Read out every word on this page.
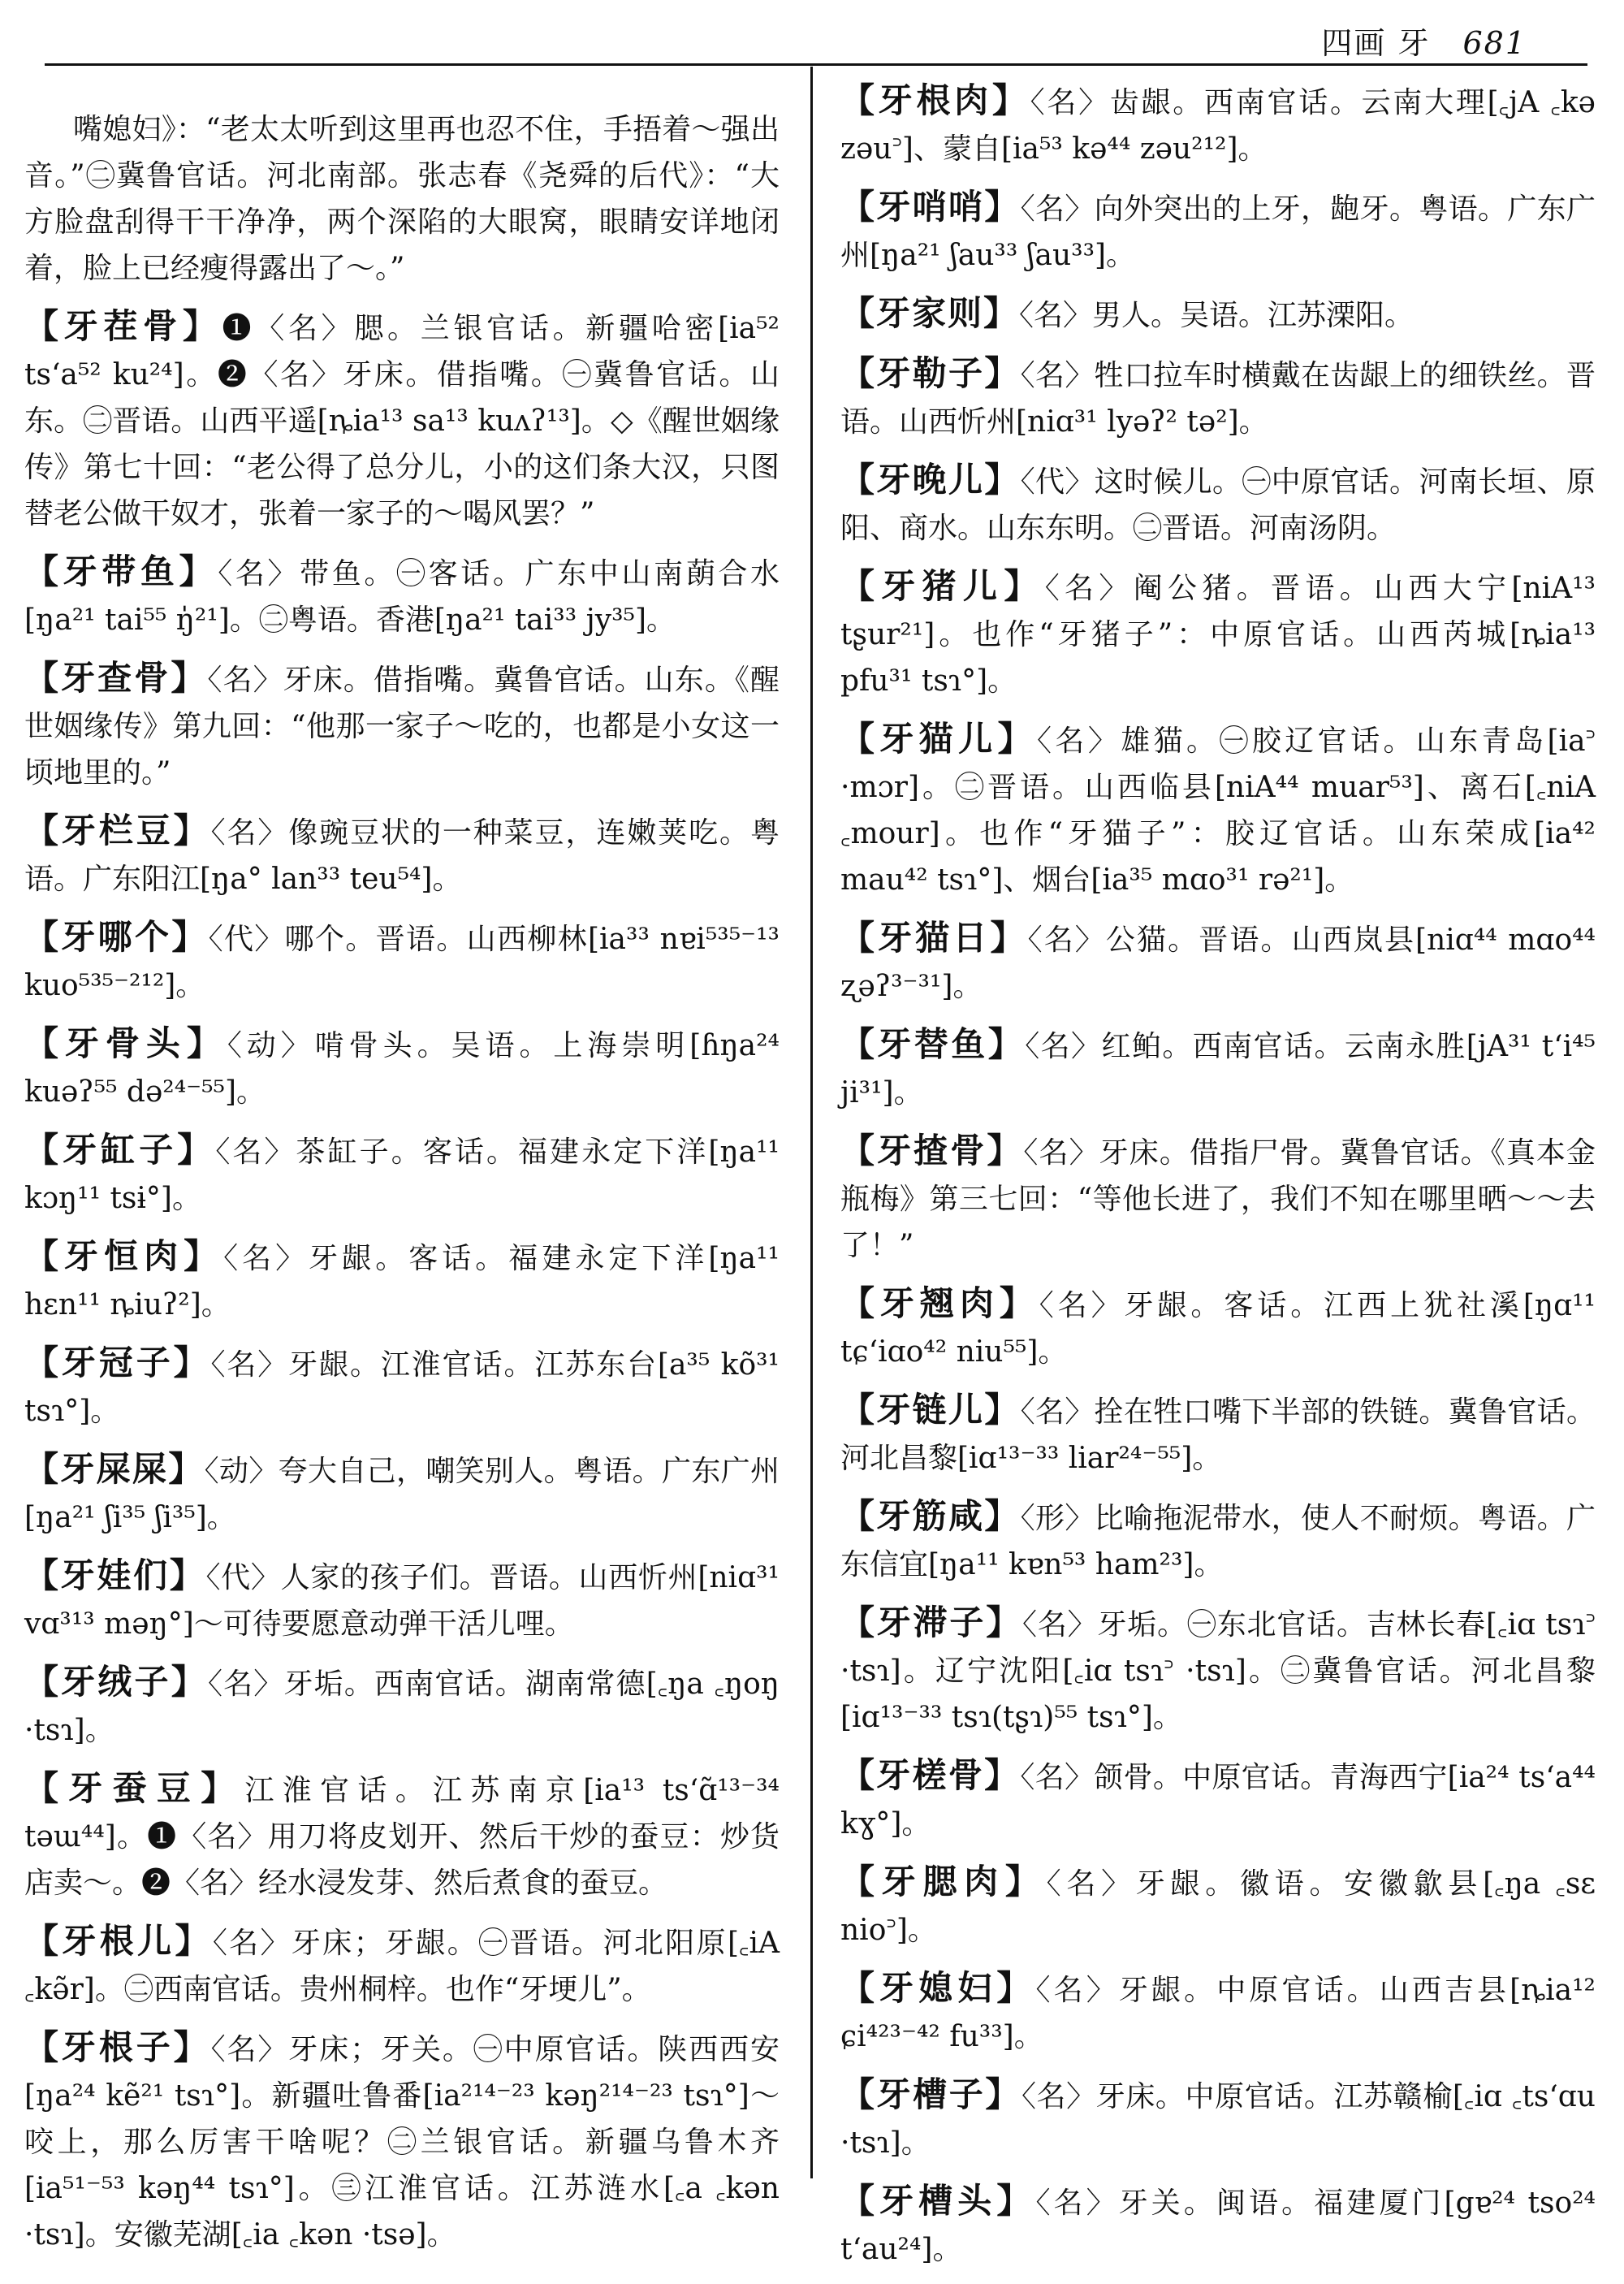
四画 牙 681

嘴媳妇》：“老太太听到这里再也忍不住，手捂着～强出音。”㊁冀鲁官话。河北南部。张志春《尧舜的后代》：“大方脸盘刮得干干净净，两个深陷的大眼窝，眼睛安详地闭着，脸上已经瘦得露出了～。”

【牙茬骨】❶〈名〉腮。兰银官话。新疆哈密[ia⁵² tsʻa⁵² ku²⁴]。❷〈名〉牙床。借指嘴。㊀冀鲁官话。山东。㊁晋语。山西平遥[ȵia¹³ sa¹³ kuʌʔ¹³]。◇《醒世姻缘传》第七十回：“老公得了总分儿，小的这们条大汉，只图替老公做干奴才，张着一家子的～喝风罢？”

【牙带鱼】〈名〉带鱼。㊀客话。广东中山南蓢合水[ŋa²¹ tai⁵⁵ ŋ̍²¹]。㊁粤语。香港[ŋa²¹ tai³³ jy³⁵]。

【牙查骨】〈名〉牙床。借指嘴。冀鲁官话。山东。《醒世姻缘传》第九回：“他那一家子～吃的，也都是小女这一顷地里的。”

【牙栏豆】〈名〉像豌豆状的一种菜豆，连嫩荚吃。粤语。广东阳江[ŋa° lan³³ teu⁵⁴]。

【牙哪个】〈代〉哪个。晋语。山西柳林[ia³³ nɐi⁵³⁵⁻¹³ kuo⁵³⁵⁻²¹²]。

【牙骨头】〈动〉啃骨头。吴语。上海崇明[ɦŋa²⁴ kuəʔ⁵⁵ də²⁴⁻⁵⁵]。

【牙缸子】〈名〉茶缸子。客话。福建永定下洋[ŋa¹¹ kɔŋ¹¹ tsɨ°]。

【牙恒肉】〈名〉牙龈。客话。福建永定下洋[ŋa¹¹ hɛn¹¹ ȵiuʔ²]。

【牙冠子】〈名〉牙龈。江淮官话。江苏东台[a³⁵ kõ³¹ tsɿ°]。

【牙屎屎】〈动〉夸大自己，嘲笑别人。粤语。广东广州[ŋa²¹ ʃi³⁵ ʃi³⁵]。

【牙娃们】〈代〉人家的孩子们。晋语。山西忻州[niɑ³¹ vɑ³¹³ məŋ°]～可待要愿意动弹干活儿哩。

【牙绒子】〈名〉牙垢。西南官话。湖南常德[꜀ŋa ꜀ŋoŋ ·tsɿ]。

【牙蚕豆】江淮官话。江苏南京[ia¹³ tsʻɑ̃¹³⁻³⁴ təɯ⁴⁴]。❶〈名〉用刀将皮划开、然后干炒的蚕豆：炒货店卖～。❷〈名〉经水浸发芽、然后煮食的蚕豆。

【牙根儿】〈名〉牙床；牙龈。㊀晋语。河北阳原[꜀iA ꜀kə̃r]。㊁西南官话。贵州桐梓。也作“牙埂儿”。

【牙根子】〈名〉牙床；牙关。㊀中原官话。陕西西安[ŋa²⁴ kẽ²¹ tsɿ°]。新疆吐鲁番[ia²¹⁴⁻²³ kəŋ²¹⁴⁻²³ tsɿ°]～咬上，那么厉害干啥呢？㊁兰银官话。新疆乌鲁木齐[ia⁵¹⁻⁵³ kəŋ⁴⁴ tsɿ°]。㊂江淮官话。江苏涟水[꜀a ꜀kən ·tsɿ]。安徽芜湖[꜀ia ꜀kən ·tsə]。

【牙根肉】〈名〉齿龈。西南官话。云南大理[꜀jA ꜀kə zəu꜄]、蒙自[ia⁵³ kə⁴⁴ zəu²¹²]。

【牙哨哨】〈名〉向外突出的上牙，龅牙。粤语。广东广州[ŋa²¹ ʃau³³ ʃau³³]。

【牙家则】〈名〉男人。吴语。江苏溧阳。

【牙勒子】〈名〉牲口拉车时横戴在齿龈上的细铁丝。晋语。山西忻州[niɑ³¹ lyəʔ² tə²]。

【牙晚儿】〈代〉这时候儿。㊀中原官话。河南长垣、原阳、商水。山东东明。㊁晋语。河南汤阴。

【牙猪儿】〈名〉阉公猪。晋语。山西大宁[niA¹³ tʂur²¹]。也作“牙猪子”：中原官话。山西芮城[ȵia¹³ pfu³¹ tsɿ°]。

【牙猫儿】〈名〉雄猫。㊀胶辽官话。山东青岛[ia꜄ ·mɔr]。㊁晋语。山西临县[niA⁴⁴ muar⁵³]、离石[꜀niA ꜀mour]。也作“牙猫子”：胶辽官话。山东荣成[ia⁴² mau⁴² tsɿ°]、烟台[ia³⁵ mɑo³¹ rə²¹]。

【牙猫日】〈名〉公猫。晋语。山西岚县[niɑ⁴⁴ mɑo⁴⁴ ʐəʔ³⁻³¹]。

【牙替鱼】〈名〉红鲌。西南官话。云南永胜[jA³¹ tʻi⁴⁵ ji³¹]。

【牙揸骨】〈名〉牙床。借指尸骨。冀鲁官话。《真本金瓶梅》第三七回：“等他长进了，我们不知在哪里晒～～去了！”

【牙翘肉】〈名〉牙龈。客话。江西上犹社溪[ŋɑ¹¹ tɕʻiɑo⁴² niu⁵⁵]。

【牙链儿】〈名〉拴在牲口嘴下半部的铁链。冀鲁官话。河北昌黎[iɑ¹³⁻³³ liar²⁴⁻⁵⁵]。

【牙筋咸】〈形〉比喻拖泥带水，使人不耐烦。粤语。广东信宜[ŋa¹¹ kɐn⁵³ ham²³]。

【牙滞子】〈名〉牙垢。㊀东北官话。吉林长春[꜀iɑ tsɿ꜄ ·tsɿ]。辽宁沈阳[꜀iɑ tsɿ꜄ ·tsɿ]。㊁冀鲁官话。河北昌黎[iɑ¹³⁻³³ tsɿ(tʂɿ)⁵⁵ tsɿ°]。

【牙槎骨】〈名〉颌骨。中原官话。青海西宁[ia²⁴ tsʻa⁴⁴ kɣ°]。

【牙腮肉】〈名〉牙龈。徽语。安徽歙县[꜀ŋa ꜀sɛ nio꜄]。

【牙媳妇】〈名〉牙龈。中原官话。山西吉县[ȵia¹² ɕi⁴²³⁻⁴² fu³³]。

【牙槽子】〈名〉牙床。中原官话。江苏赣榆[꜀iɑ ꜀tsʻɑu ·tsɿ]。

【牙槽头】〈名〉牙关。闽语。福建厦门[gɐ²⁴ tso²⁴ tʻau²⁴]。
